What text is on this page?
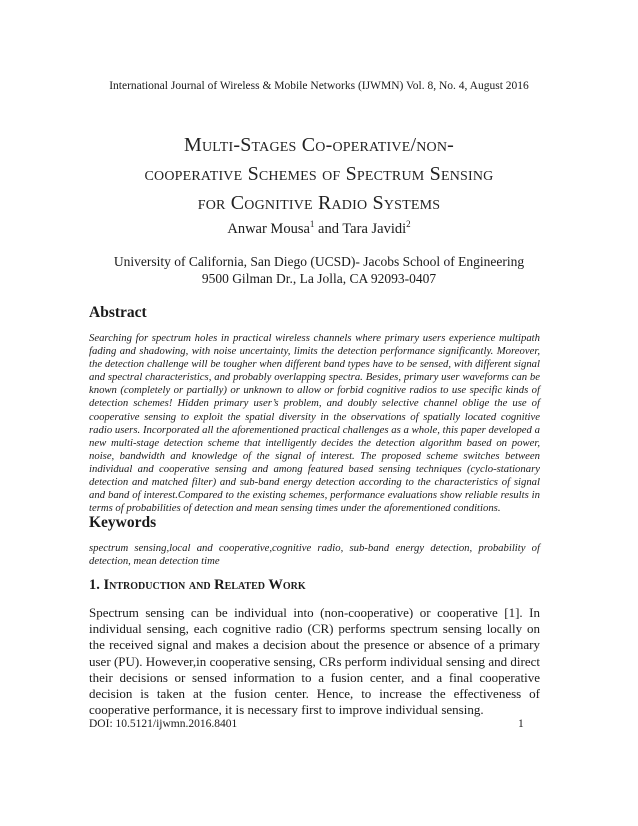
International Journal of Wireless & Mobile Networks (IJWMN) Vol. 8, No. 4, August 2016
Multi-Stages Co-operative/non-
cooperative Schemes of Spectrum Sensing
for Cognitive Radio Systems
Anwar Mousa$^1$ and Tara Javidi$^2$
University of California, San Diego (UCSD)- Jacobs School of Engineering
9500 Gilman Dr., La Jolla, CA 92093-0407
Abstract
Searching for spectrum holes in practical wireless channels where primary users experience multipath fading and shadowing, with noise uncertainty, limits the detection performance significantly. Moreover, the detection challenge will be tougher when different band types have to be sensed, with different signal and spectral characteristics, and probably overlapping spectra. Besides, primary user waveforms can be known (completely or partially) or unknown to allow or forbid cognitive radios to use specific kinds of detection schemes! Hidden primary user’s problem, and doubly selective channel oblige the use of cooperative sensing to exploit the spatial diversity in the observations of spatially located cognitive radio users. Incorporated all the aforementioned practical challenges as a whole, this paper developed a new multi-stage detection scheme that intelligently decides the detection algorithm based on power, noise, bandwidth and knowledge of the signal of interest. The proposed scheme switches between individual and cooperative sensing and among featured based sensing techniques (cyclo-stationary detection and matched filter) and sub-band energy detection according to the characteristics of signal and band of interest.Compared to the existing schemes, performance evaluations show reliable results in terms of probabilities of detection and mean sensing times under the aforementioned conditions.
Keywords
spectrum sensing,local and cooperative,cognitive radio, sub-band energy detection, probability of detection, mean detection time
1. Introduction and Related Work
Spectrum sensing can be individual into (non-cooperative) or cooperative [1]. In individual sensing, each cognitive radio (CR) performs spectrum sensing locally on the received signal and makes a decision about the presence or absence of a primary user (PU). However,in cooperative sensing, CRs perform individual sensing and direct their decisions or sensed information to a fusion center, and a final cooperative decision is taken at the fusion center. Hence, to increase the effectiveness of cooperative performance, it is necessary first to improve individual sensing.
DOI: 10.5121/ijwmn.2016.8401	1
